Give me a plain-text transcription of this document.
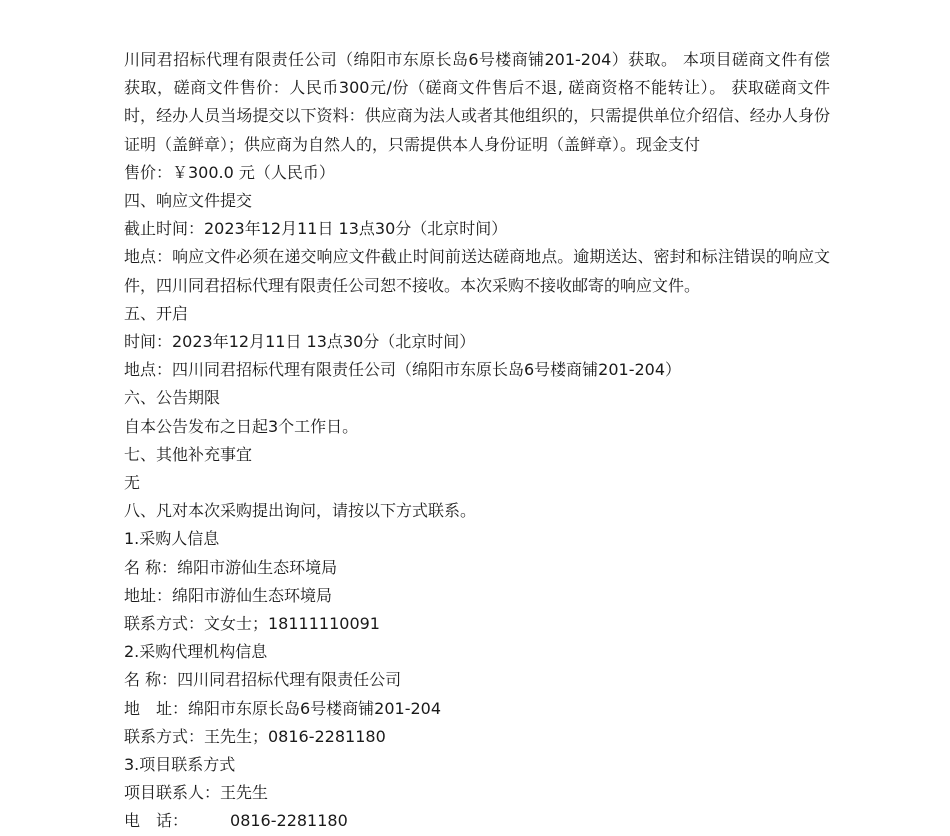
川同君招标代理有限责任公司（绵阳市东原长岛6号楼商铺201-204）获取。 本项目磋商文件有偿获取，磋商文件售价：人民币300元/份（磋商文件售后不退, 磋商资格不能转让）。 获取磋商文件时，经办人员当场提交以下资料：供应商为法人或者其他组织的，只需提供单位介绍信、经办人身份证明（盖鲜章）；供应商为自然人的，只需提供本人身份证明（盖鲜章）。现金支付

售价：￥300.0 元（人民币）

四、响应文件提交

截止时间：2023年12月11日 13点30分（北京时间）

地点：响应文件必须在递交响应文件截止时间前送达磋商地点。逾期送达、密封和标注错误的响应文件，四川同君招标代理有限责任公司恕不接收。本次采购不接收邮寄的响应文件。

五、开启

时间：2023年12月11日 13点30分（北京时间）

地点：四川同君招标代理有限责任公司（绵阳市东原长岛6号楼商铺201-204）

六、公告期限

自本公告发布之日起3个工作日。

七、其他补充事宜

无

八、凡对本次采购提出询问，请按以下方式联系。

1.采购人信息

名 称：绵阳市游仙生态环境局

地址：绵阳市游仙生态环境局

联系方式：文女士；18111110091

2.采购代理机构信息

名 称：四川同君招标代理有限责任公司

地　址：绵阳市东原长岛6号楼商铺201-204

联系方式：王先生；0816-2281180

3.项目联系方式

项目联系人：王先生

电　话：	0816-2281180
